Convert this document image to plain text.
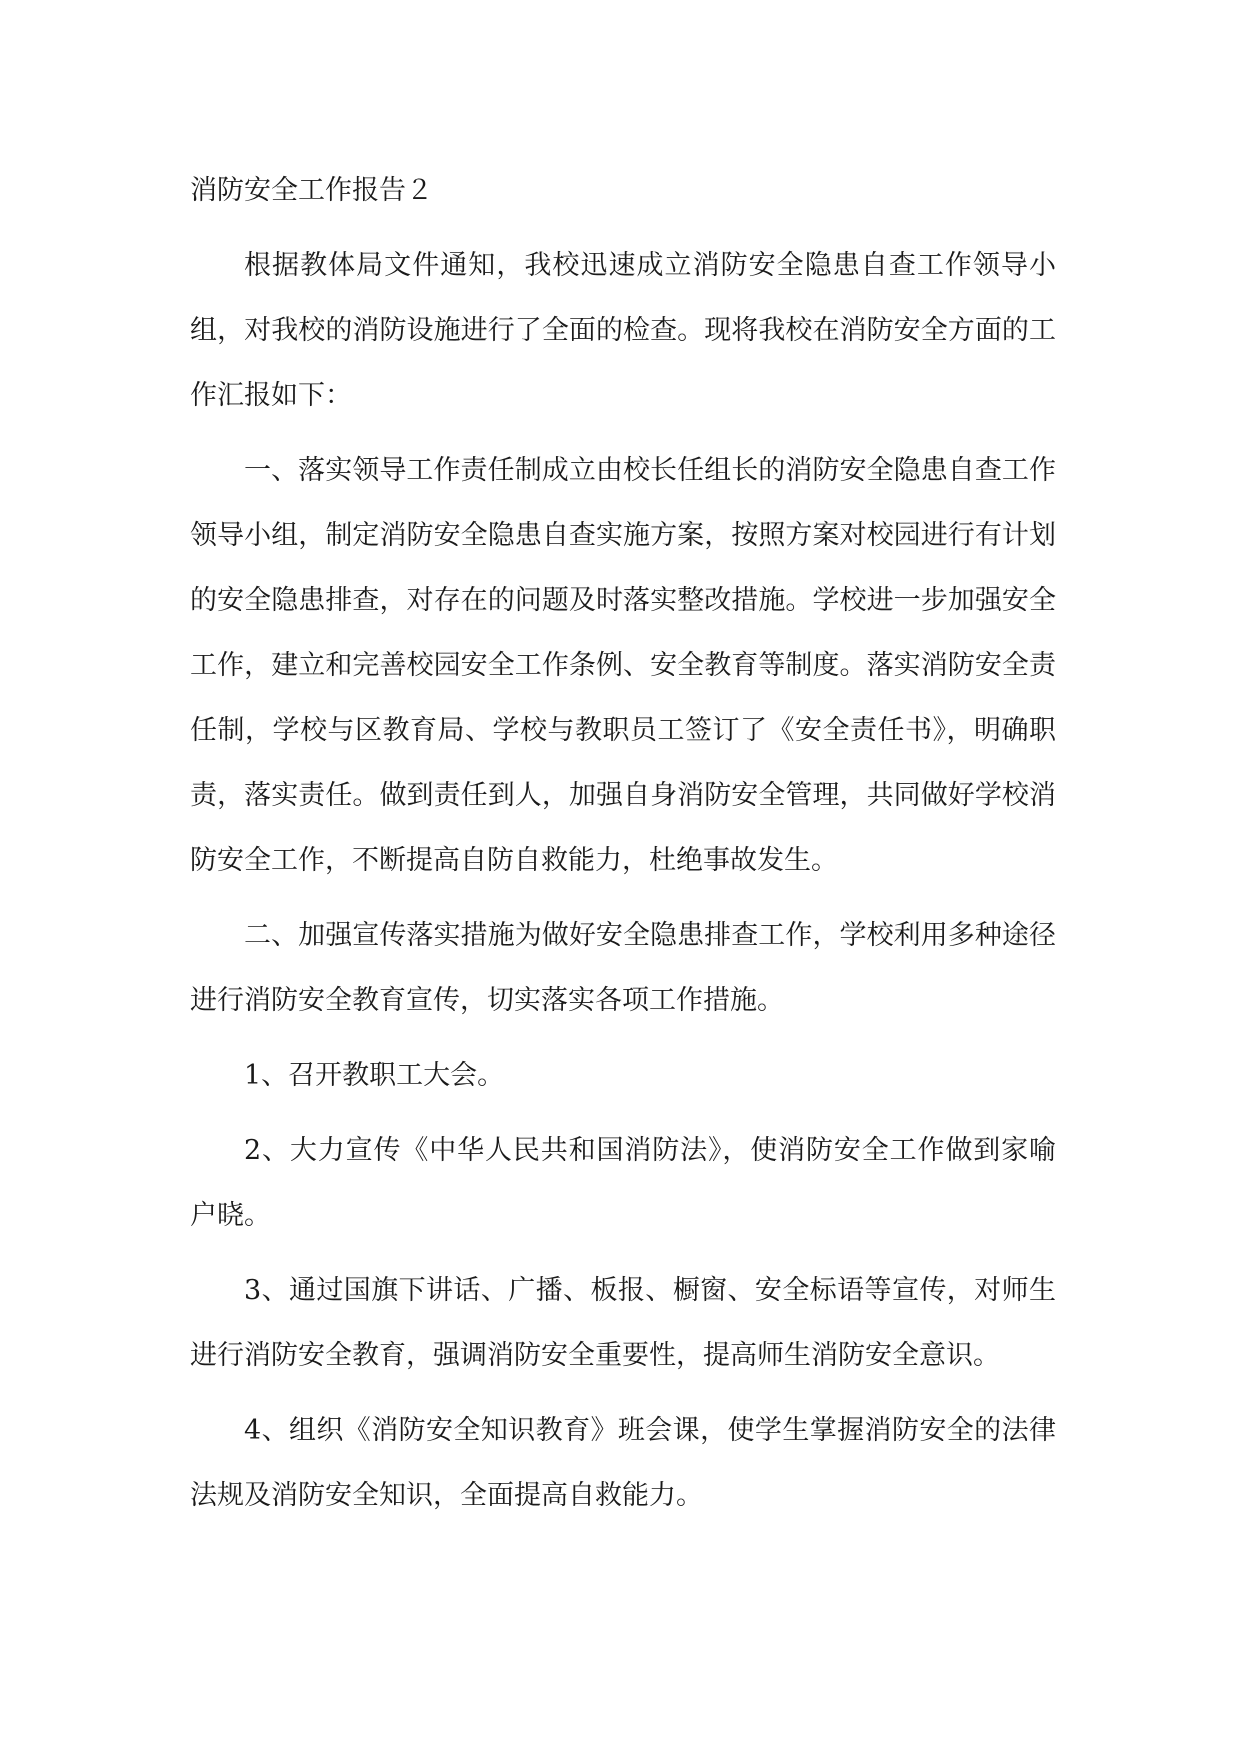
消防安全工作报告２

根据教体局文件通知，我校迅速成立消防安全隐患自查工作领导小组，对我校的消防设施进行了全面的检查。现将我校在消防安全方面的工作汇报如下：

一、落实领导工作责任制成立由校长任组长的消防安全隐患自查工作领导小组，制定消防安全隐患自查实施方案，按照方案对校园进行有计划的安全隐患排查，对存在的问题及时落实整改措施。学校进一步加强安全工作，建立和完善校园安全工作条例、安全教育等制度。落实消防安全责任制，学校与区教育局、学校与教职员工签订了《安全责任书》，明确职责，落实责任。做到责任到人，加强自身消防安全管理，共同做好学校消防安全工作，不断提高自防自救能力，杜绝事故发生。

二、加强宣传落实措施为做好安全隐患排查工作，学校利用多种途径进行消防安全教育宣传，切实落实各项工作措施。

1、召开教职工大会。

2、大力宣传《中华人民共和国消防法》，使消防安全工作做到家喻户晓。

3、通过国旗下讲话、广播、板报、橱窗、安全标语等宣传，对师生进行消防安全教育，强调消防安全重要性，提高师生消防安全意识。

4、组织《消防安全知识教育》班会课，使学生掌握消防安全的法律法规及消防安全知识，全面提高自救能力。
